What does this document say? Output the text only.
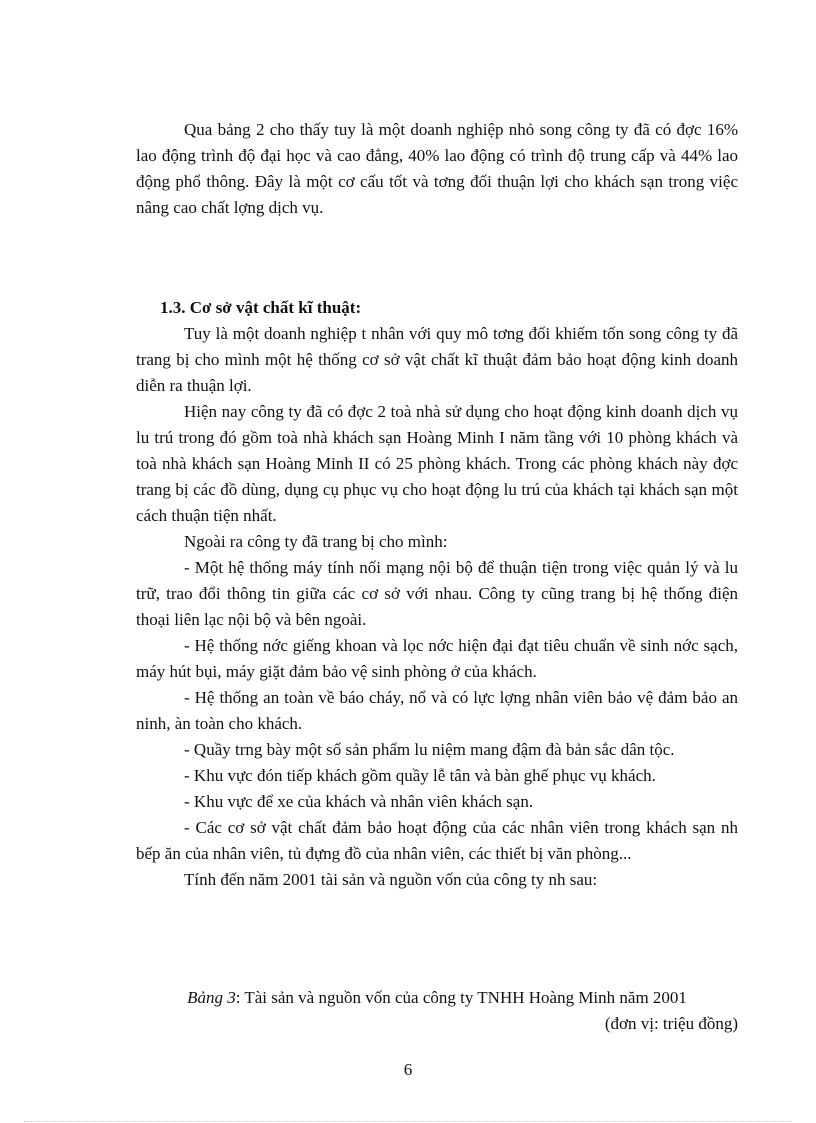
Qua bảng 2 cho thấy tuy là một doanh nghiệp nhỏ song công ty đã có đợc 16% lao động trình độ đại học và cao đẳng, 40% lao động có trình độ trung cấp và 44% lao động phổ thông. Đây là một cơ cấu tốt và tơng đối thuận lợi cho khách sạn trong việc nâng cao chất lợng dịch vụ.

1.3. Cơ sở vật chất kĩ thuật:

Tuy là một doanh nghiệp t nhân với quy mô tơng đối khiếm tốn song công ty đã trang bị cho mình một hệ thống cơ sở vật chất kĩ thuật đảm bảo hoạt động kinh doanh diễn ra thuận lợi.

Hiện nay công ty đã có đợc 2 toà nhà sử dụng cho hoạt động kinh doanh dịch vụ lu trú trong đó gồm toà nhà khách sạn Hoàng Minh I năm tầng với 10 phòng khách và toà nhà khách sạn Hoàng Minh II có 25 phòng khách. Trong các phòng khách này đợc trang bị các đồ dùng, dụng cụ phục vụ cho hoạt động lu trú của khách tại khách sạn một cách thuận tiện nhất.

Ngoài ra công ty đã trang bị cho mình:

- Một hệ thống máy tính nối mạng nội bộ để thuận tiện trong việc quản lý và lu trữ, trao đổi thông tin giữa các cơ sở với nhau. Công ty cũng trang bị hệ thống điện thoại liên lạc nội bộ và bên ngoài.

- Hệ thống nớc giếng khoan và lọc nớc hiện đại đạt tiêu chuẩn về sinh nớc sạch, máy hút bụi, máy giặt đảm bảo vệ sinh phòng ở của khách.

- Hệ thống an toàn về báo cháy, nổ và có lực lợng nhân viên bảo vệ đảm bảo an ninh, àn toàn cho khách.

- Quầy trng bày một số sản phẩm lu niệm mang đậm đà bản sắc dân tộc.

- Khu vực đón tiếp khách gồm quầy lễ tân và bàn ghế phục vụ khách.

- Khu vực để xe của khách và nhân viên khách sạn.

- Các cơ sở vật chất đảm bảo hoạt động của các nhân viên trong khách sạn nh bếp ăn của nhân viên, tủ đựng đồ của nhân viên, các thiết bị văn phòng...

Tính đến năm 2001 tài sản và nguồn vốn của công ty nh sau:

Bảng 3: Tài sản và nguồn vốn của công ty TNHH Hoàng Minh năm 2001

(đơn vị: triệu đồng)

6
